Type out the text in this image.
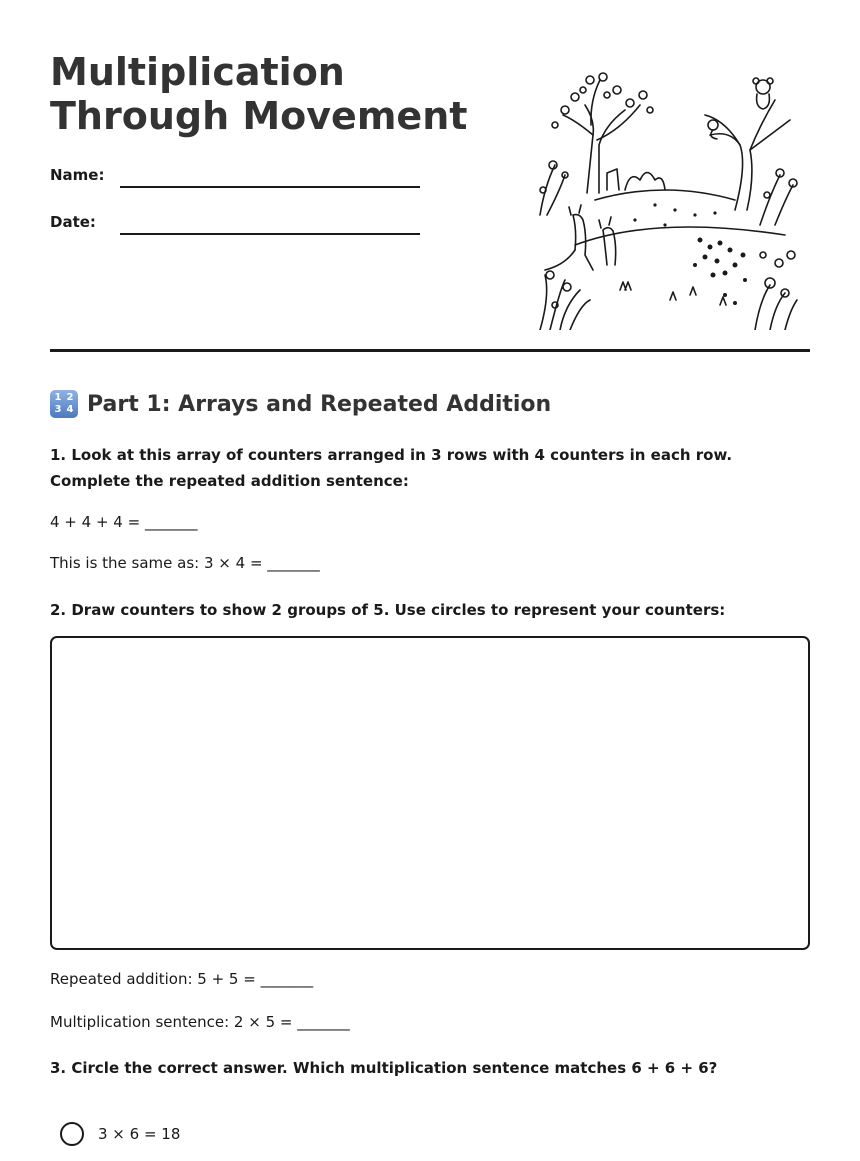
Multiplication Through Movement
Name:
Date:
1 2
3 4 Part 1: Arrays and Repeated Addition
1. Look at this array of counters arranged in 3 rows with 4 counters in each row. Complete the repeated addition sentence:
4 + 4 + 4 = _______
This is the same as: 3 × 4 = _______
2. Draw counters to show 2 groups of 5. Use circles to represent your counters:
Repeated addition: 5 + 5 = _______
Multiplication sentence: 2 × 5 = _______
3. Circle the correct answer. Which multiplication sentence matches 6 + 6 + 6?
3 × 6 = 18
